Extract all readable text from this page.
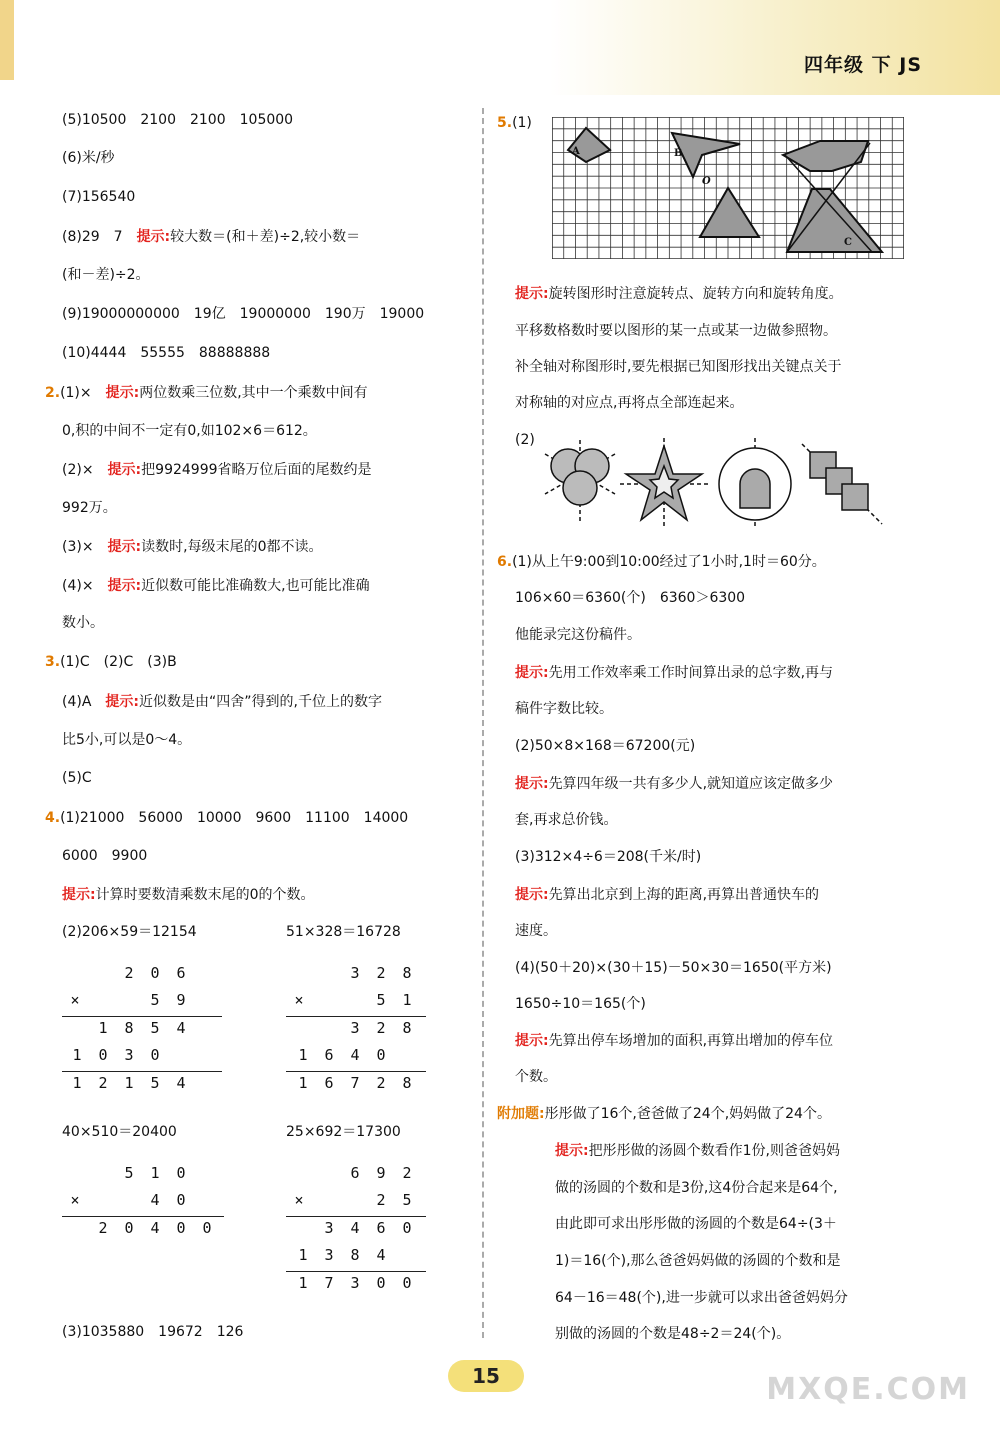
四年级 下 JS
(5)10500　2100　2100　105000
(6)米/秒
(7)156540
(8)29　7　提示:较大数＝(和＋差)÷2,较小数＝
(和－差)÷2。
(9)19000000000　19亿　19000000　190万　19000
(10)4444　55555　88888888
2.(1)×　提示:两位数乘三位数,其中一个乘数中间有
0,积的中间不一定有0,如102×6＝612。
(2)×　提示:把9924999省略万位后面的尾数约是
992万。
(3)×　提示:读数时,每级末尾的0都不读。
(4)×　提示:近似数可能比准确数大,也可能比准确
数小。
3.(1)C　(2)C　(3)B
(4)A　提示:近似数是由“四舍”得到的,千位上的数字
比5小,可以是0～4。
(5)C
4.(1)21000　56000　10000　9600　11100　14000
6000　9900
提示:计算时要数清乘数末尾的0的个数。
(2)206×59＝12154	51×328＝16728
2	0	6
×	5	9
1	8	5	4
1	0	3	0
1	2	1	5	4
3	2	8
×	5	1
3	2	8
1	6	4	0
1	6	7	2	8
40×510＝20400	25×692＝17300
5	1	0
×	4	0
2	0	4	0	0
6	9	2
×	2	5
3	4	6	0
1	3	8	4
1	7	3	0	0
(3)1035880　19672　126
5.(1)
A	B
O
C
提示:旋转图形时注意旋转点、旋转方向和旋转角度。
平移数格数时要以图形的某一点或某一边做参照物。
补全轴对称图形时,要先根据已知图形找出关键点关于
对称轴的对应点,再将点全部连起来。
(2)
6.(1)从上午9:00到10:00经过了1小时,1时＝60分。
106×60＝6360(个)　6360＞6300
他能录完这份稿件。
提示:先用工作效率乘工作时间算出录的总字数,再与
稿件字数比较。
(2)50×8×168＝67200(元)
提示:先算四年级一共有多少人,就知道应该定做多少
套,再求总价钱。
(3)312×4÷6＝208(千米/时)
提示:先算出北京到上海的距离,再算出普通快车的
速度。
(4)(50＋20)×(30＋15)－50×30＝1650(平方米)
1650÷10＝165(个)
提示:先算出停车场增加的面积,再算出增加的停车位
个数。
附加题:彤彤做了16个,爸爸做了24个,妈妈做了24个。
提示:把彤彤做的汤圆个数看作1份,则爸爸妈妈
做的汤圆的个数和是3份,这4份合起来是64个,
由此即可求出彤彤做的汤圆的个数是64÷(3＋
1)＝16(个),那么爸爸妈妈做的汤圆的个数和是
64－16＝48(个),进一步就可以求出爸爸妈妈分
别做的汤圆的个数是48÷2＝24(个)。
15	MXQE.COM
